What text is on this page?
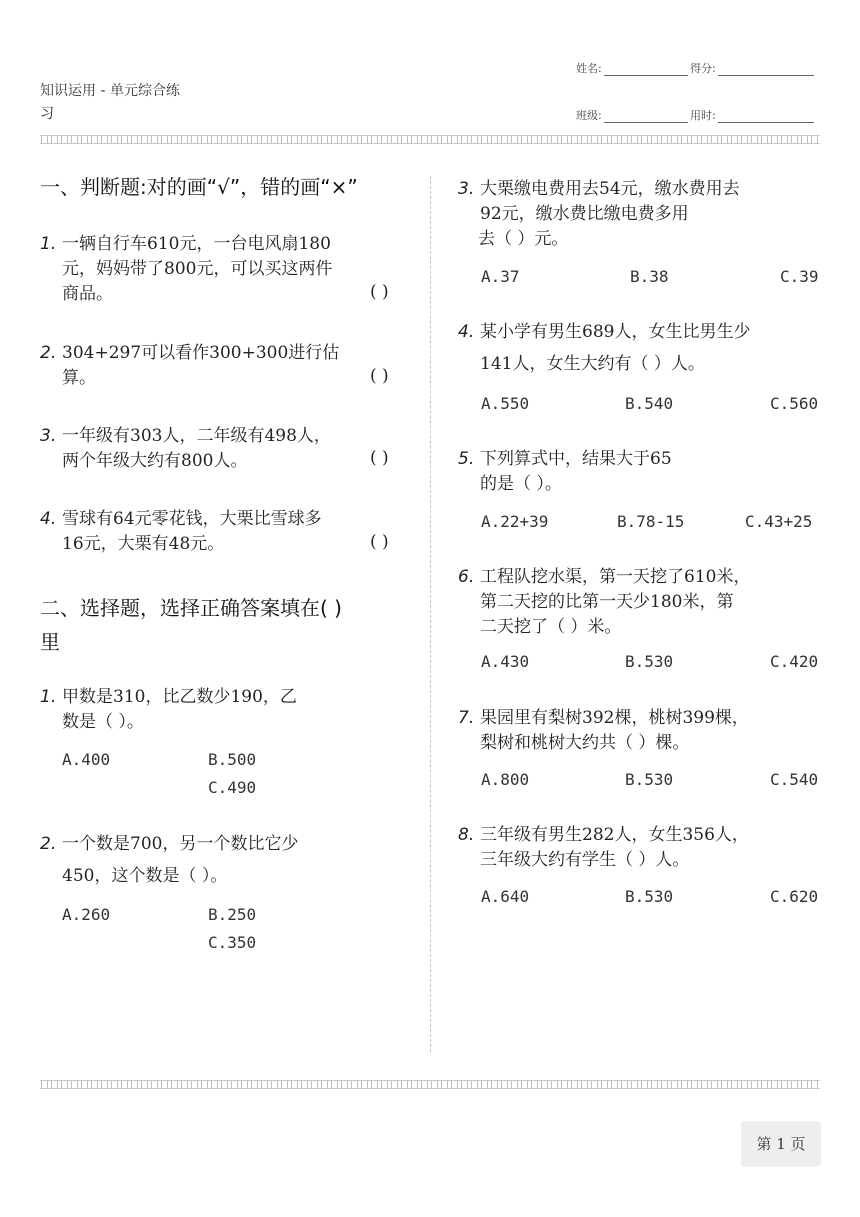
知识运用 - 单元综合练
习
姓名:	得分:
班级:	用时:
一、判断题:对的画“√”，错的画“×”
1. 一辆自行车610元，一台电风扇180
元，妈妈带了800元，可以买这两件
商品。	( )
2. 304+297可以看作300+300进行估
算。	( )
3. 一年级有303人，二年级有498人，
两个年级大约有800人。	( )
4. 雪球有64元零花钱，大栗比雪球多
16元，大栗有48元。	( )
二、选择题，选择正确答案填在( )
里
1. 甲数是310，比乙数少190，乙
数是（ ）。
A.400	B.500
C.490
2. 一个数是700，另一个数比它少
450，这个数是（ ）。
A.260	B.250
C.350
3. 大栗缴电费用去54元，缴水费用去
92元，缴水费比缴电费多用
去（ ）元。
A.37	B.38	C.39
4. 某小学有男生689人，女生比男生少
141人，女生大约有（ ）人。
A.550	B.540	C.560
5. 下列算式中，结果大于65
的是（ ）。
A.22+39	B.78-15	C.43+25
6. 工程队挖水渠，第一天挖了610米，
第二天挖的比第一天少180米，第
二天挖了（ ）米。
A.430	B.530	C.420
7. 果园里有梨树392棵，桃树399棵，
梨树和桃树大约共（ ）棵。
A.800	B.530	C.540
8. 三年级有男生282人，女生356人，
三年级大约有学生（ ）人。
A.640	B.530	C.620
第 1 页
